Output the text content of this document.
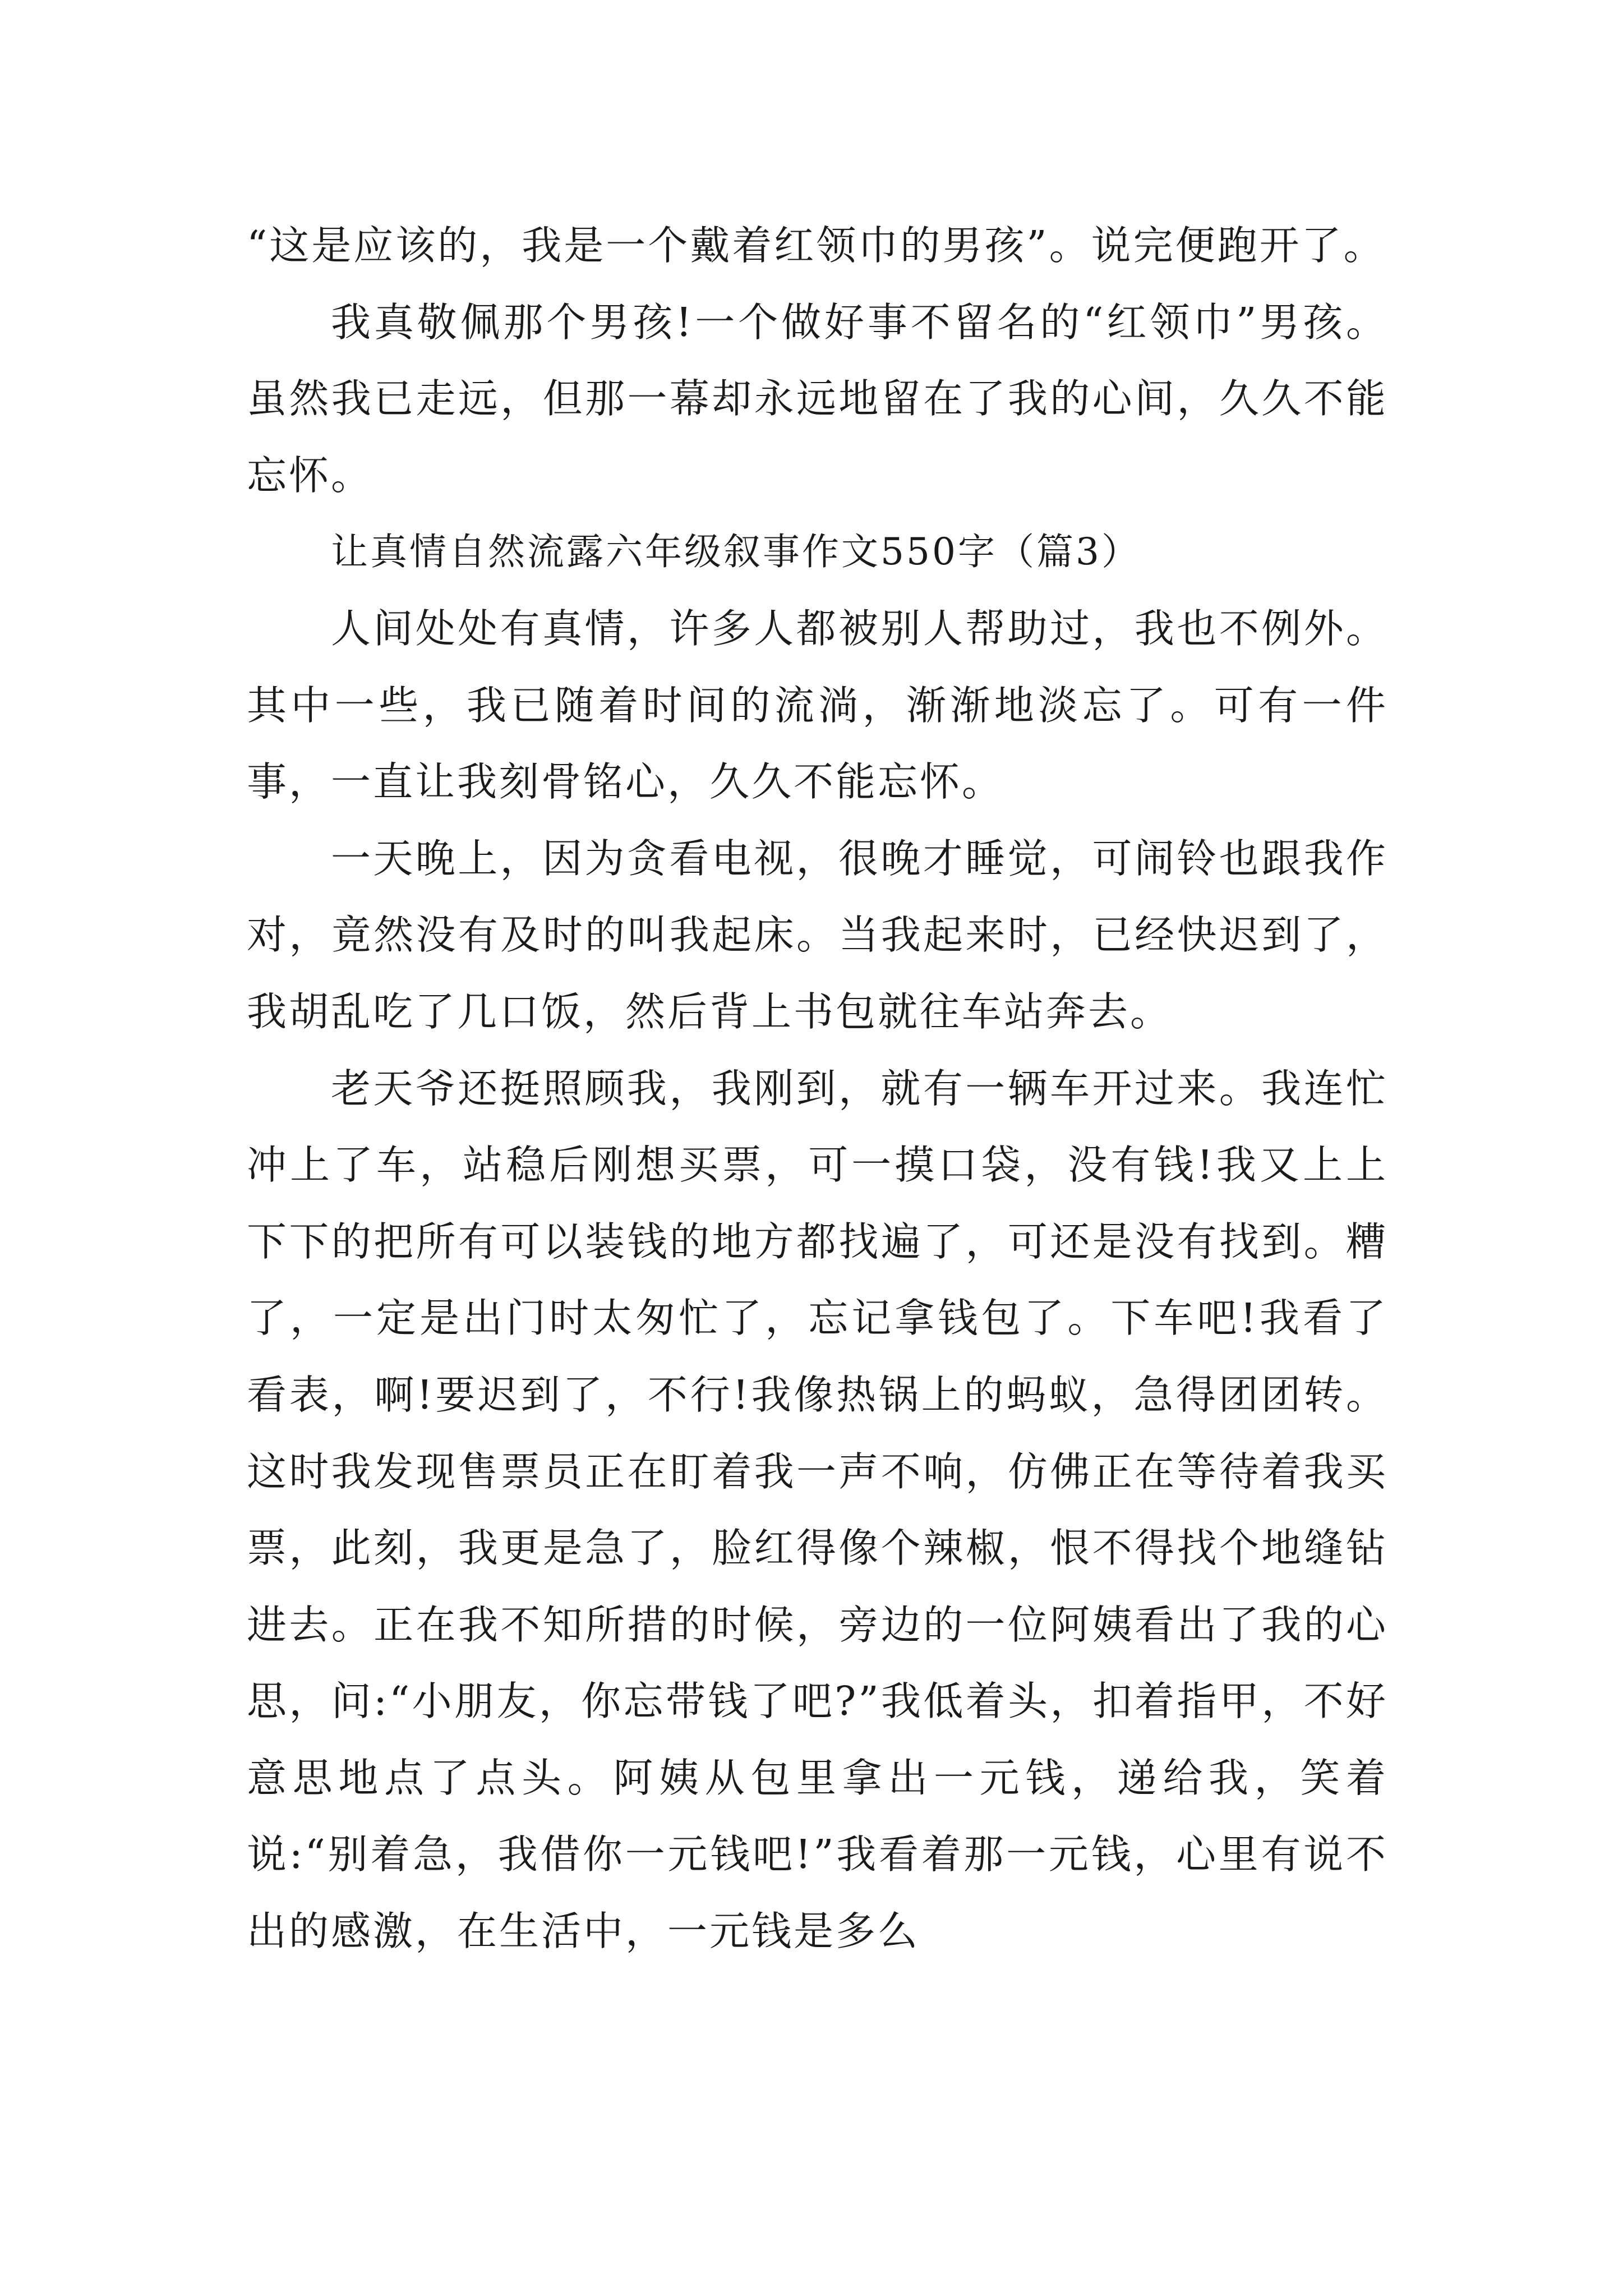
“这是应该的，我是一个戴着红领巾的男孩”。说完便跑开了。

我真敬佩那个男孩!一个做好事不留名的“红领巾”男孩。虽然我已走远，但那一幕却永远地留在了我的心间，久久不能忘怀。

让真情自然流露六年级叙事作文550字（篇3）

人间处处有真情，许多人都被别人帮助过，我也不例外。其中一些，我已随着时间的流淌，渐渐地淡忘了。可有一件事，一直让我刻骨铭心，久久不能忘怀。

一天晚上，因为贪看电视，很晚才睡觉，可闹铃也跟我作对，竟然没有及时的叫我起床。当我起来时，已经快迟到了，我胡乱吃了几口饭，然后背上书包就往车站奔去。

老天爷还挺照顾我，我刚到，就有一辆车开过来。我连忙冲上了车，站稳后刚想买票，可一摸口袋，没有钱!我又上上下下的把所有可以装钱的地方都找遍了，可还是没有找到。糟了，一定是出门时太匆忙了，忘记拿钱包了。下车吧!我看了看表，啊!要迟到了，不行!我像热锅上的蚂蚁，急得团团转。这时我发现售票员正在盯着我一声不响，仿佛正在等待着我买票，此刻，我更是急了，脸红得像个辣椒，恨不得找个地缝钻进去。正在我不知所措的时候，旁边的一位阿姨看出了我的心思，问:“小朋友，你忘带钱了吧?”我低着头，扣着指甲，不好意思地点了点头。阿姨从包里拿出一元钱，递给我，笑着说:“别着急，我借你一元钱吧!”我看着那一元钱，心里有说不出的感激，在生活中，一元钱是多么
